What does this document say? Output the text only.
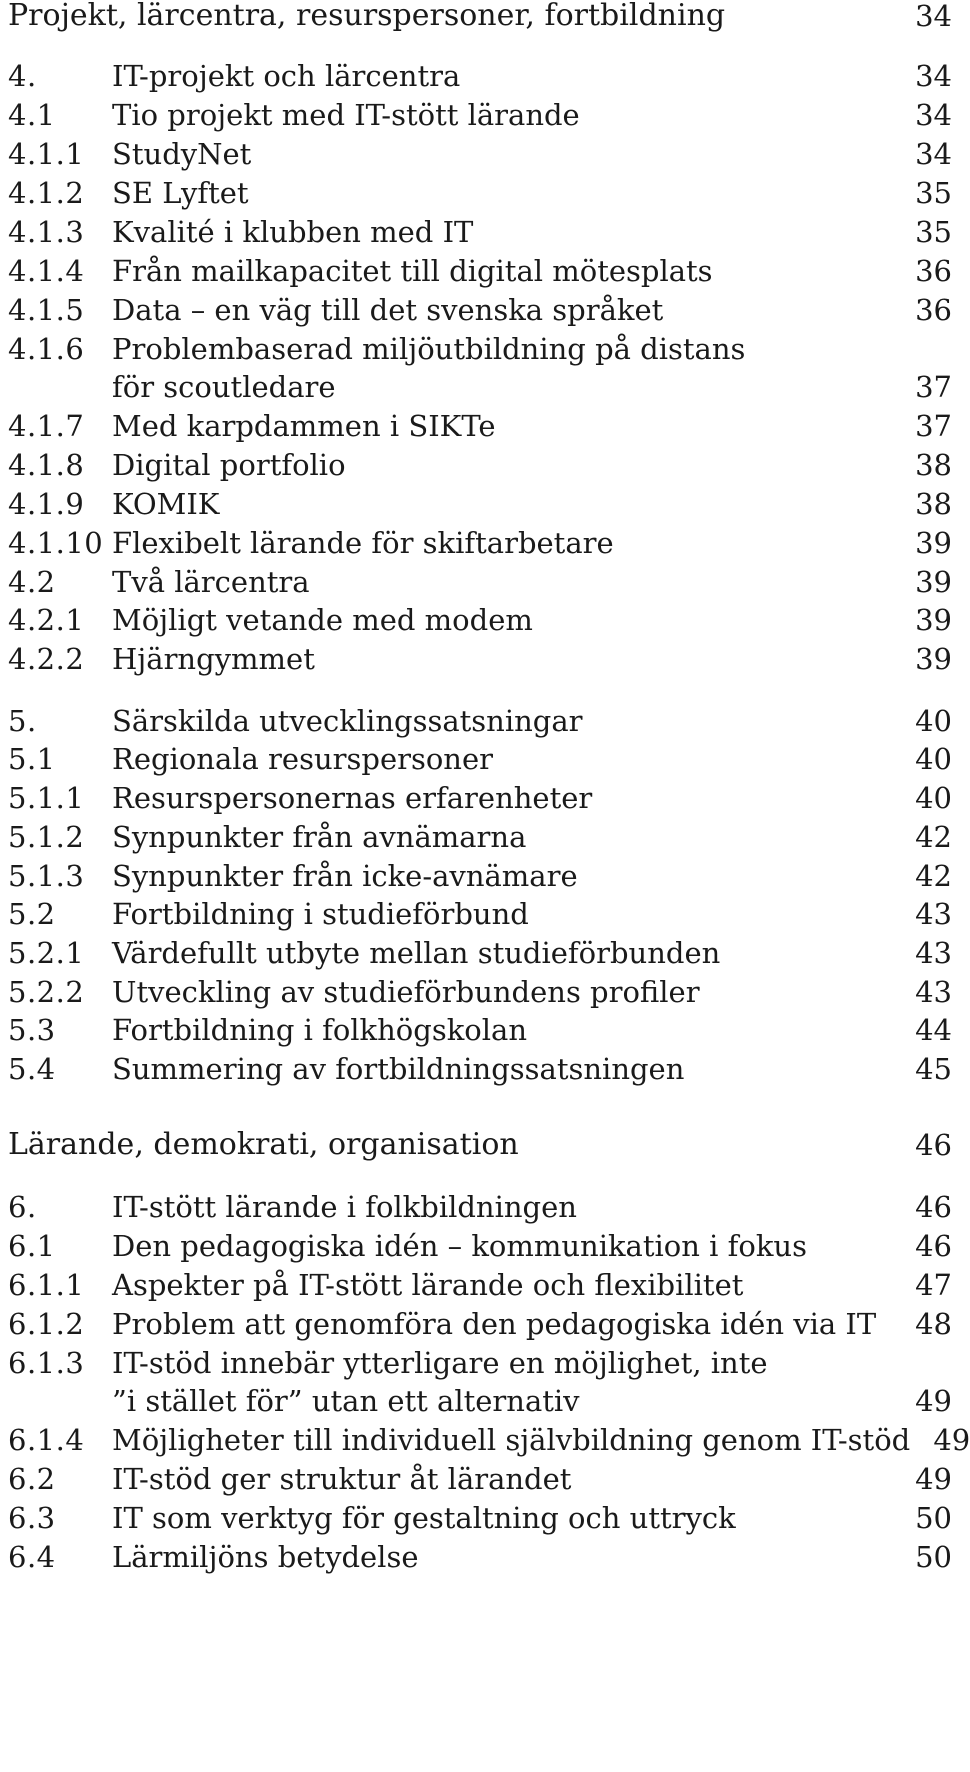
Projekt, lärcentra, resurspersoner, fortbildning	34
4.	IT-projekt och lärcentra	34
4.1	Tio projekt med IT-stött lärande	34
4.1.1 StudyNet	34
4.1.2 SE Lyftet	35
4.1.3 Kvalité i klubben med IT	35
4.1.4 Från mailkapacitet till digital mötesplats	36
4.1.5 Data – en väg till det svenska språket	36
4.1.6 Problembaserad miljöutbildning på distans
för scoutledare	37
4.1.7 Med karpdammen i SIKTe	37
4.1.8 Digital portfolio	38
4.1.9 KOMIK	38
4.1.10 Flexibelt lärande för skiftarbetare	39
4.2	Två lärcentra	39
4.2.1 Möjligt vetande med modem	39
4.2.2 Hjärngymmet	39
5.	Särskilda utvecklingssatsningar	40
5.1	Regionala resurspersoner	40
5.1.1 Resurspersonernas erfarenheter	40
5.1.2 Synpunkter från avnämarna	42
5.1.3 Synpunkter från icke-avnämare	42
5.2	Fortbildning i studieförbund	43
5.2.1 Värdefullt utbyte mellan studieförbunden	43
5.2.2 Utveckling av studieförbundens profiler	43
5.3	Fortbildning i folkhögskolan	44
5.4	Summering av fortbildningssatsningen	45
Lärande, demokrati, organisation	46
6.	IT-stött lärande i folkbildningen	46
6.1	Den pedagogiska idén – kommunikation i fokus	46
6.1.1 Aspekter på IT-stött lärande och flexibilitet	47
6.1.2 Problem att genomföra den pedagogiska idén via IT	48
6.1.3 IT-stöd innebär ytterligare en möjlighet, inte
”i stället för” utan ett alternativ	49
6.1.4 Möjligheter till individuell självbildning genom IT-stöd 49
6.2	IT-stöd ger struktur åt lärandet	49
6.3	IT som verktyg för gestaltning och uttryck	50
6.4	Lärmiljöns betydelse	50
